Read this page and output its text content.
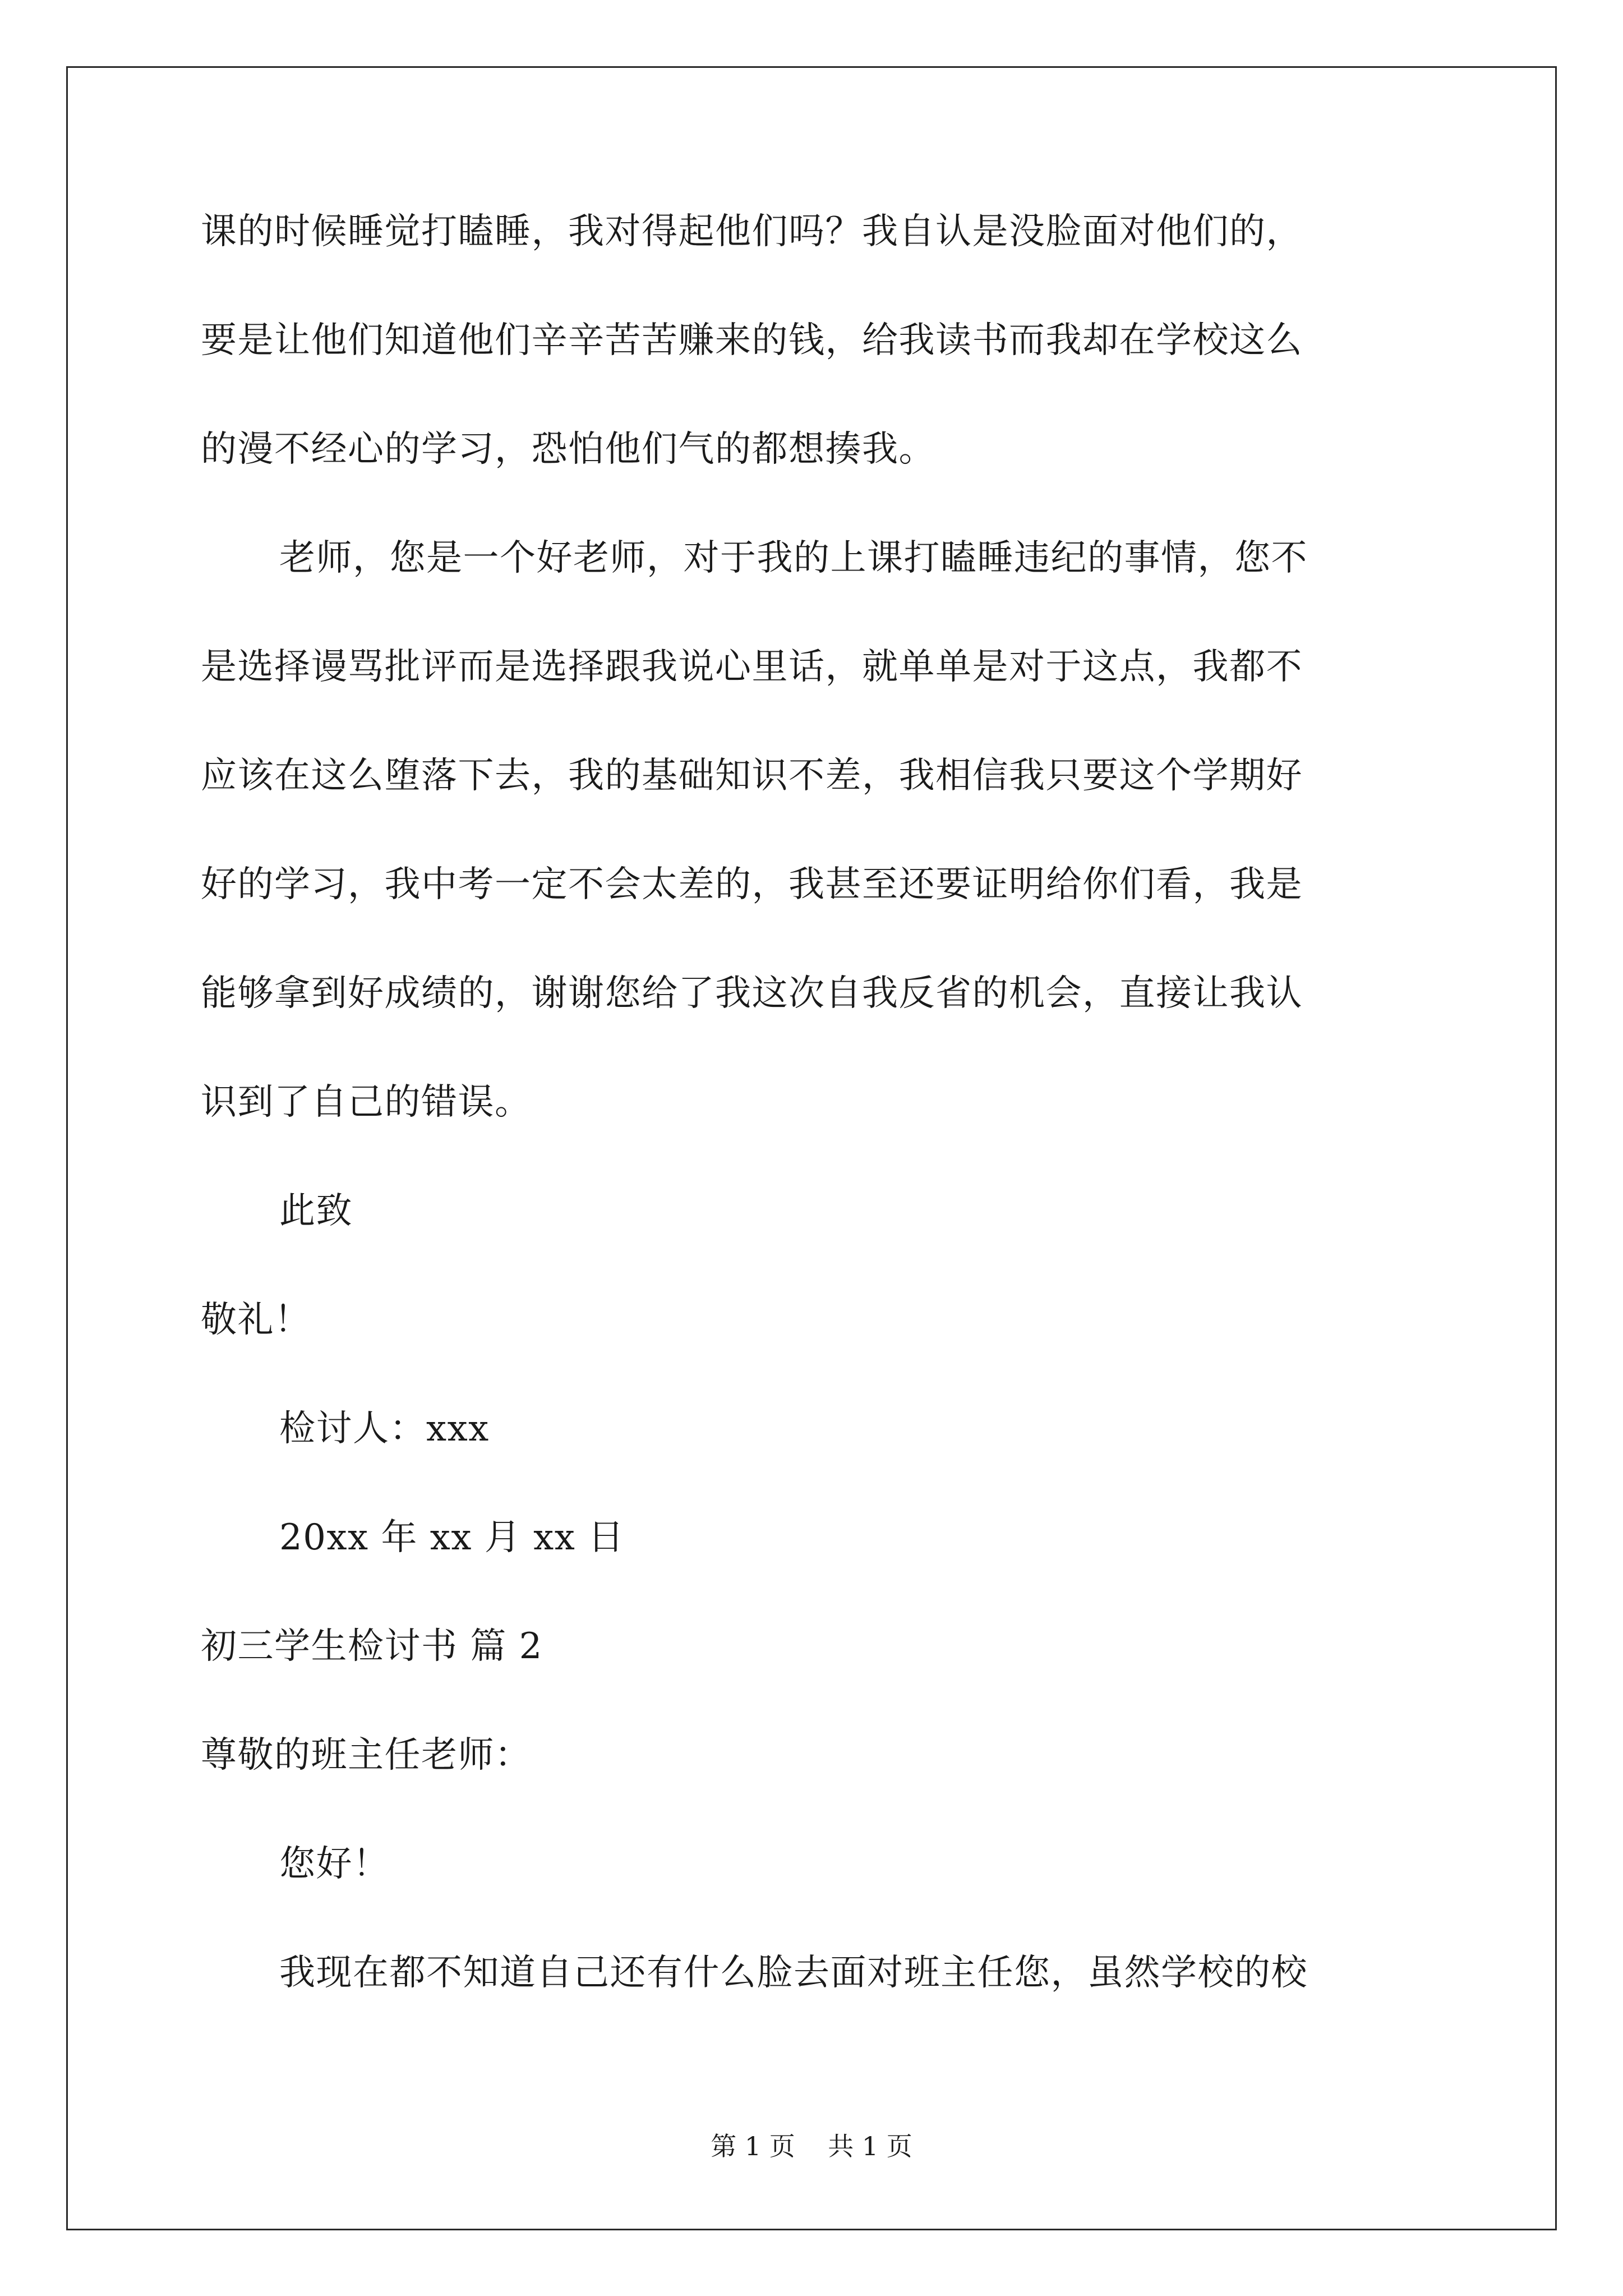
课的时候睡觉打瞌睡，我对得起他们吗？我自认是没脸面对他们的，
要是让他们知道他们辛辛苦苦赚来的钱，给我读书而我却在学校这么
的漫不经心的学习，恐怕他们气的都想揍我。
老师，您是一个好老师，对于我的上课打瞌睡违纪的事情，您不
是选择谩骂批评而是选择跟我说心里话，就单单是对于这点，我都不
应该在这么堕落下去，我的基础知识不差，我相信我只要这个学期好
好的学习，我中考一定不会太差的，我甚至还要证明给你们看，我是
能够拿到好成绩的，谢谢您给了我这次自我反省的机会，直接让我认
识到了自己的错误。
此致
敬礼！
检讨人：xxx
20xx 年 xx 月 xx 日
初三学生检讨书 篇 2
尊敬的班主任老师：
您好！
我现在都不知道自己还有什么脸去面对班主任您，虽然学校的校
第 1 页    共 1 页
